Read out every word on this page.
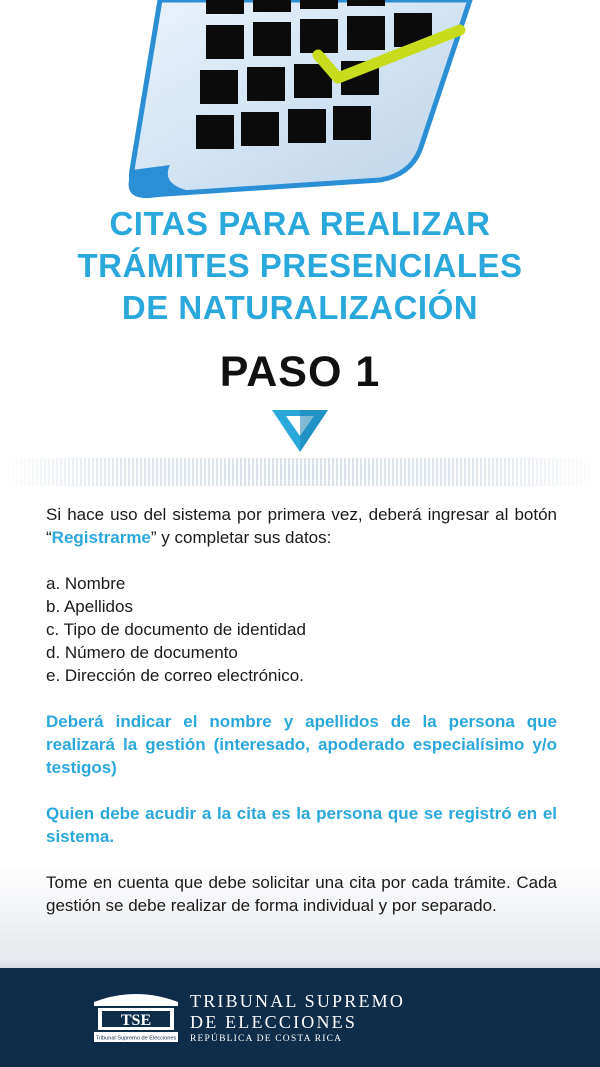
CITAS PARA REALIZAR
TRÁMITES PRESENCIALES
DE NATURALIZACIÓN
PASO 1

Si hace uso del sistema por primera vez, deberá ingresar al botón “Registrarme” y completar sus datos:

a. Nombre
b. Apellidos
c. Tipo de documento de identidad
d. Número de documento
e. Dirección de correo electrónico.

Deberá indicar el nombre y apellidos de la persona que realizará la gestión (interesado, apoderado especialísimo y/o testigos)

Quien debe acudir a la cita es la persona que se registró en el sistema.

Tome en cuenta que debe solicitar una cita por cada trámite. Cada gestión se debe realizar de forma individual y por separado.

TSE
Tribunal Supremo de Elecciones
TRIBUNAL SUPREMO
DE ELECCIONES
REPÚBLICA DE COSTA RICA
